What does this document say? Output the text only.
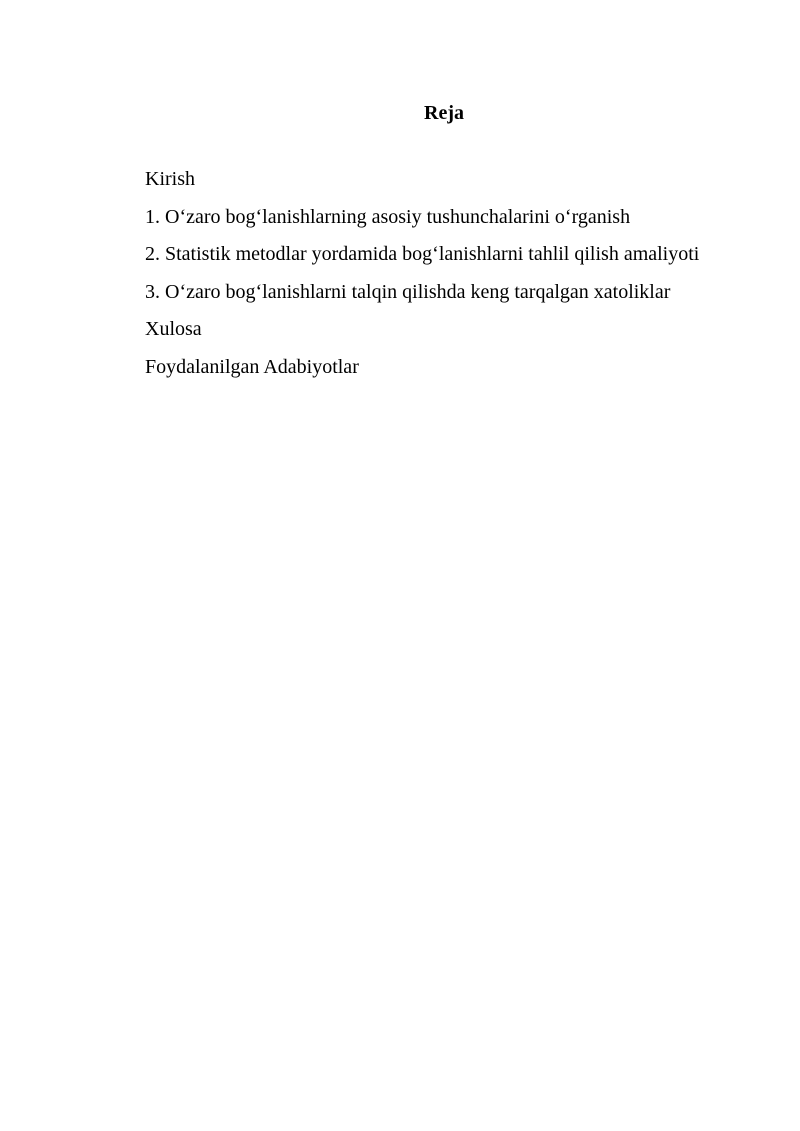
Reja
Kirish
1. O‘zaro bog‘lanishlarning asosiy tushunchalarini o‘rganish
2. Statistik metodlar yordamida bog‘lanishlarni tahlil qilish amaliyoti
3. O‘zaro bog‘lanishlarni talqin qilishda keng tarqalgan xatoliklar
Xulosa
Foydalanilgan Adabiyotlar
